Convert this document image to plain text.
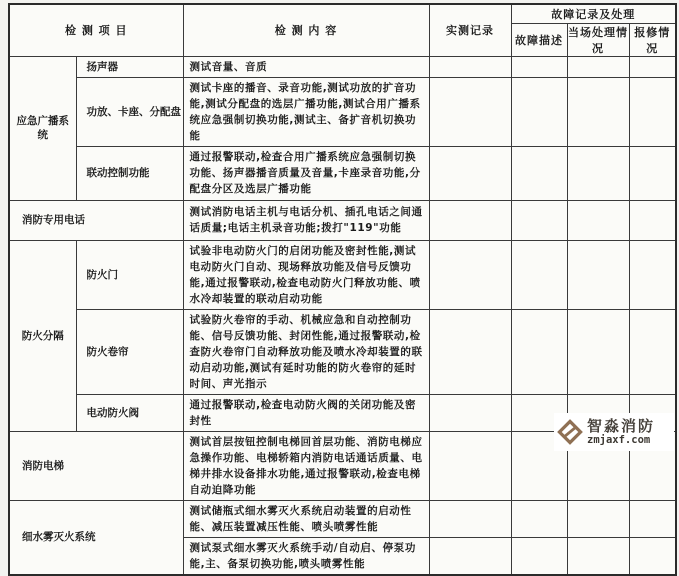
检 测 项 目		检 测 内 容	实测记录	故障记录及处理		
				故障描述	当场处理情况	报修情况
应急广播系统	扬声器	测试音量、音质				
	功放、卡座、分配盘	测试卡座的播音、录音功能,测试功放的扩音功能,测试分配盘的选层广播功能,测试合用广播系统应急强制切换功能,测试主、备扩音机切换功能				
	联动控制功能	通过报警联动,检查合用广播系统应急强制切换功能、扬声器播音质量及音量,卡座录音功能,分配盘分区及选层广播功能				
消防专用电话		测试消防电话主机与电话分机、插孔电话之间通话质量;电话主机录音功能;拨打"119"功能				
防火分隔	防火门	试验非电动防火门的启闭功能及密封性能,测试电动防火门自动、现场释放功能及信号反馈功能,通过报警联动,检查电动防火门释放功能、喷水冷却装置的联动启动功能				
	防火卷帘	试验防火卷帘的手动、机械应急和自动控制功能、信号反馈功能、封闭性能,通过报警联动,检查防火卷帘门自动释放功能及喷水冷却装置的联动启动功能,测试有延时功能的防火卷帘的延时时间、声光指示				
	电动防火阀	通过报警联动,检查电动防火阀的关闭功能及密封性				
消防电梯		测试首层按钮控制电梯回首层功能、消防电梯应急操作功能、电梯轿箱内消防电话通话质量、电梯井排水设备排水功能,通过报警联动,检查电梯自动迫降功能				
细水雾灭火系统		测试储瓶式细水雾灭火系统启动装置的启动性能、减压装置减压性能、喷头喷雾性能				
		测试泵式细水雾灭火系统手动/自动启、停泵功能,主、备泵切换功能,喷头喷雾性能				
智淼消防
zmjaxf.com
